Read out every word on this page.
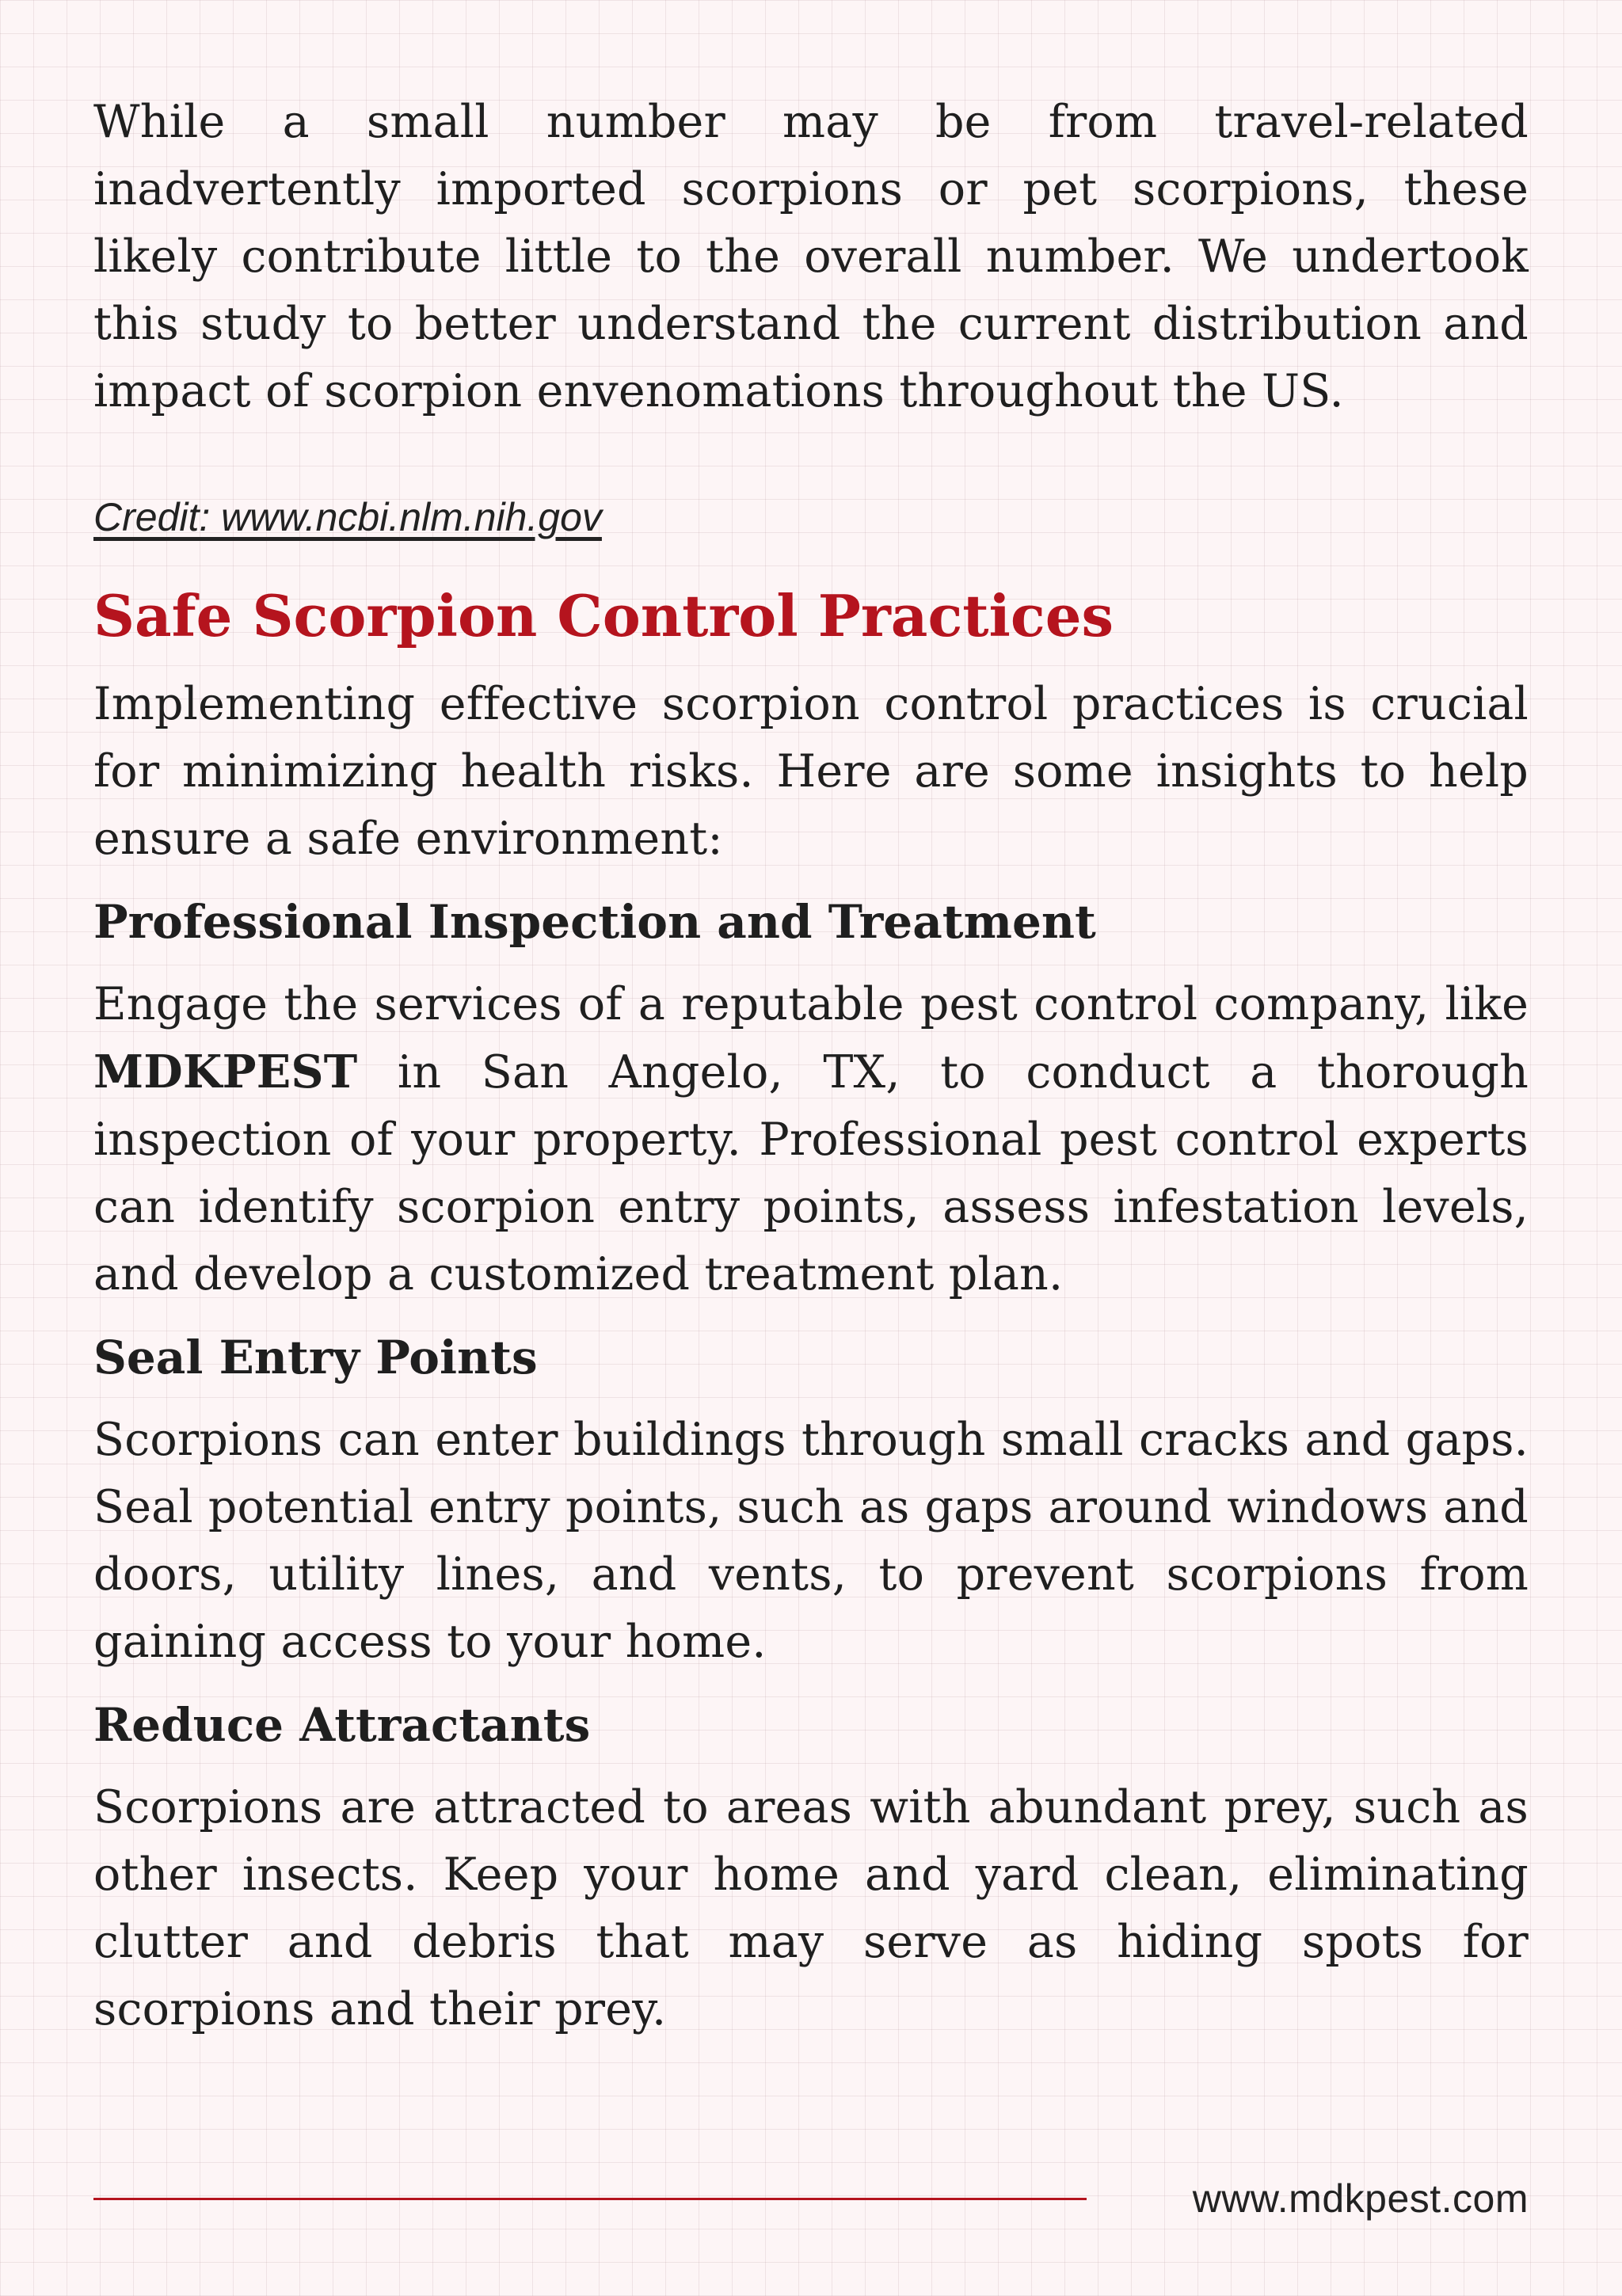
While a small number may be from travel-related inadvertently imported scorpions or pet scorpions, these likely contribute little to the overall number. We undertook this study to better understand the current distribution and impact of scorpion envenomations throughout the US.

Credit: www.ncbi.nlm.nih.gov

Safe Scorpion Control Practices

Implementing effective scorpion control practices is crucial for minimizing health risks. Here are some insights to help ensure a safe environment:

Professional Inspection and Treatment

Engage the services of a reputable pest control company, like MDKPEST in San Angelo, TX, to conduct a thorough inspection of your property. Professional pest control experts can identify scorpion entry points, assess infestation levels, and develop a customized treatment plan.

Seal Entry Points

Scorpions can enter buildings through small cracks and gaps. Seal potential entry points, such as gaps around windows and doors, utility lines, and vents, to prevent scorpions from gaining access to your home.

Reduce Attractants

Scorpions are attracted to areas with abundant prey, such as other insects. Keep your home and yard clean, eliminating clutter and debris that may serve as hiding spots for scorpions and their prey.

www.mdkpest.com
